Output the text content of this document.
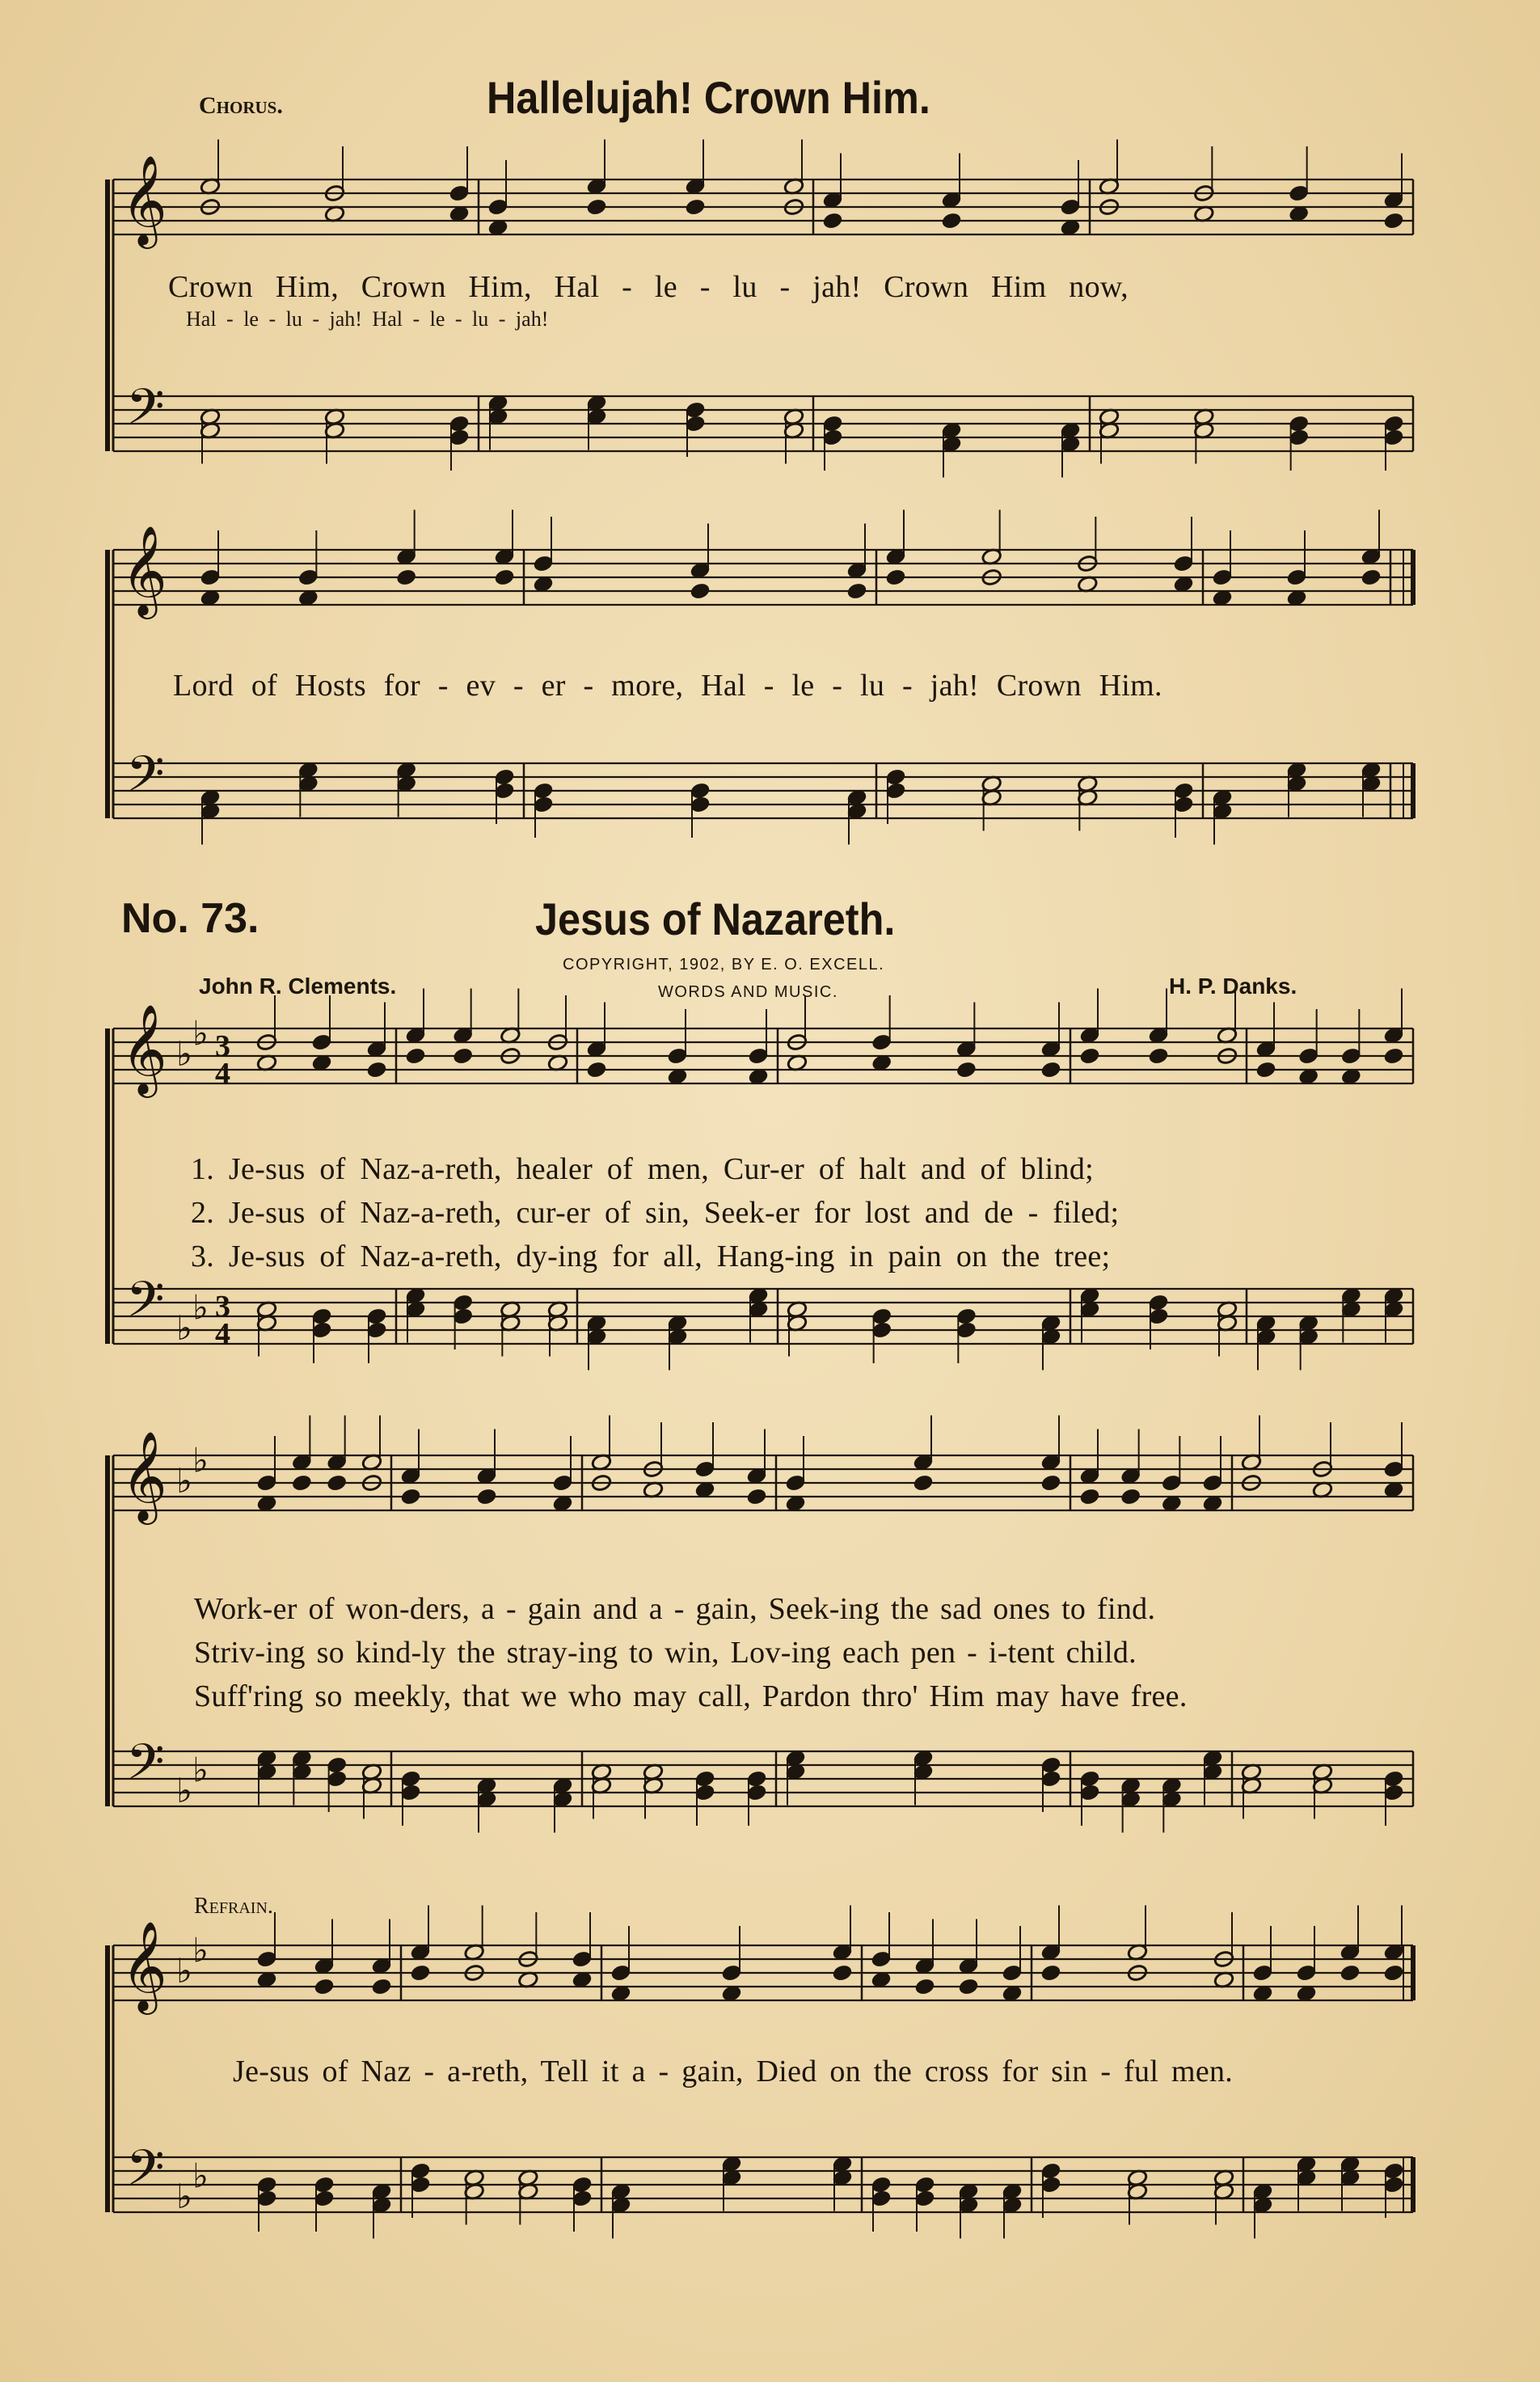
Chorus.	Hallelujah! Crown Him.
𝄞
𝄢
𝄞
𝄢
𝄞
𝄢
♭
♭
♭
♭
3
4
3
4
𝄞
𝄢
♭
♭
♭
♭
𝄞
𝄢
♭
♭
♭
♭
Crown Him, Crown Him, Hal - le - lu - jah! Crown Him now,
Hal - le - lu - jah! Hal - le - lu - jah!
Lord of Hosts for - ev - er - more, Hal - le - lu - jah! Crown Him.
No. 73.	Jesus of Nazareth.
COPYRIGHT, 1902, BY E. O. EXCELL.
WORDS AND MUSIC.
John R. Clements.	H. P. Danks.
1. Je-sus of Naz-a-reth, healer of men, Cur-er of halt and of blind;
2. Je-sus of Naz-a-reth, cur-er of sin, Seek-er for lost and de - filed;
3. Je-sus of Naz-a-reth, dy-ing for all, Hang-ing in pain on the tree;
Work-er of won-ders, a - gain and a - gain, Seek-ing the sad ones to find.
Striv-ing so kind-ly the stray-ing to win, Lov-ing each pen - i-tent child.
Suff'ring so meekly, that we who may call, Pardon thro' Him may have free.
Refrain.
Je-sus of Naz - a-reth, Tell it a - gain, Died on the cross for sin - ful men.
